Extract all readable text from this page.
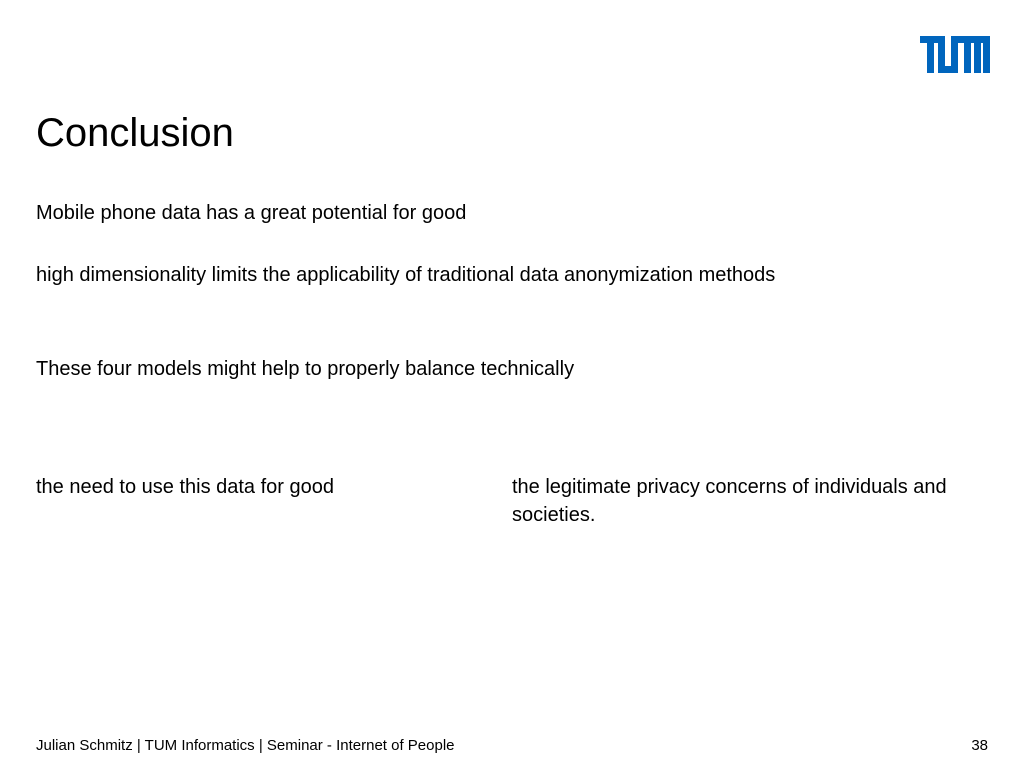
Conclusion

Mobile phone data has a great potential for good

high dimensionality limits the applicability of traditional data anonymization methods

These four models might help to properly balance technically

the need to use this data for good	the legitimate privacy concerns of individuals and societies.
Julian Schmitz | TUM Informatics | Seminar - Internet of People	38
